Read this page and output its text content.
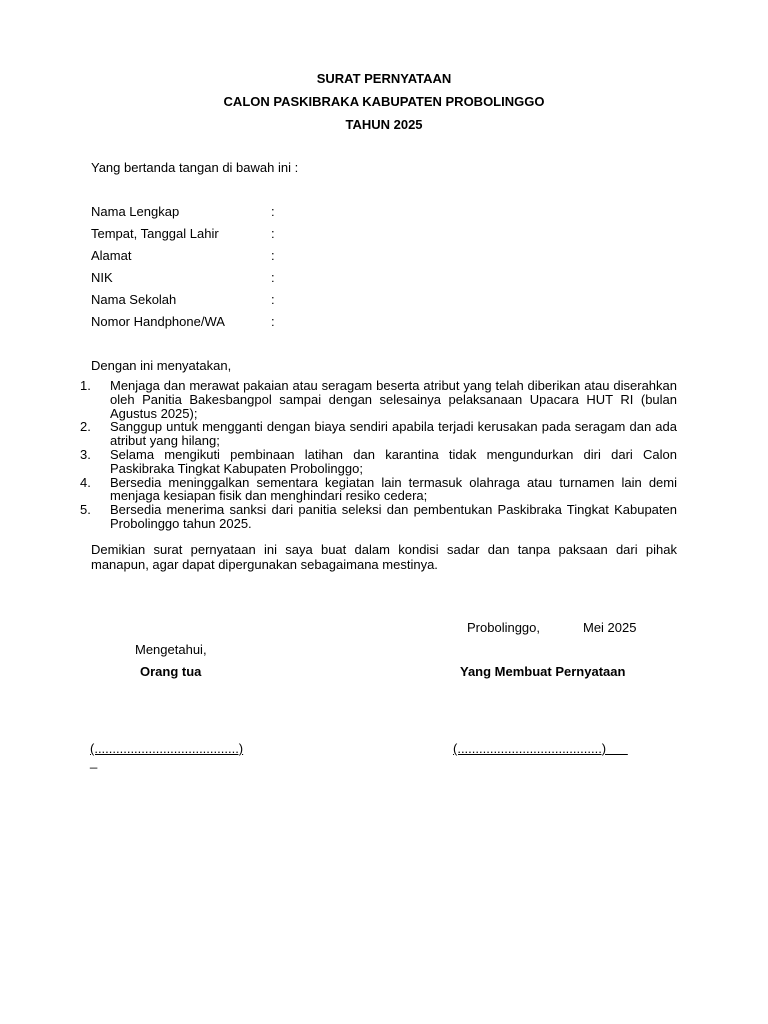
SURAT PERNYATAAN
CALON PASKIBRAKA KABUPATEN PROBOLINGGO
TAHUN 2025
Yang bertanda tangan di bawah ini :
Nama Lengkap	:
Tempat, Tanggal Lahir	:
Alamat	:
NIK	:
Nama Sekolah	:
Nomor Handphone/WA	:
Dengan ini menyatakan,
1. Menjaga dan merawat pakaian atau seragam beserta atribut yang telah diberikan atau diserahkan oleh Panitia Bakesbangpol sampai dengan selesainya pelaksanaan Upacara HUT RI (bulan Agustus 2025);
2. Sanggup untuk mengganti dengan biaya sendiri apabila terjadi kerusakan pada seragam dan ada atribut yang hilang;
3. Selama mengikuti pembinaan latihan dan karantina tidak mengundurkan diri dari Calon Paskibraka Tingkat Kabupaten Probolinggo;
4. Bersedia meninggalkan sementara kegiatan lain termasuk olahraga atau turnamen lain demi menjaga kesiapan fisik dan menghindari resiko cedera;
5. Bersedia menerima sanksi dari panitia seleksi dan pembentukan Paskibraka Tingkat Kabupaten Probolinggo tahun 2025.
Demikian surat pernyataan ini saya buat dalam kondisi sadar dan tanpa paksaan dari pihak manapun, agar dapat dipergunakan sebagaimana mestinya.
Probolinggo,	Mei 2025
Mengetahui,
Orang tua	Yang Membuat Pernyataan
(........................................)	(........................................)
_
